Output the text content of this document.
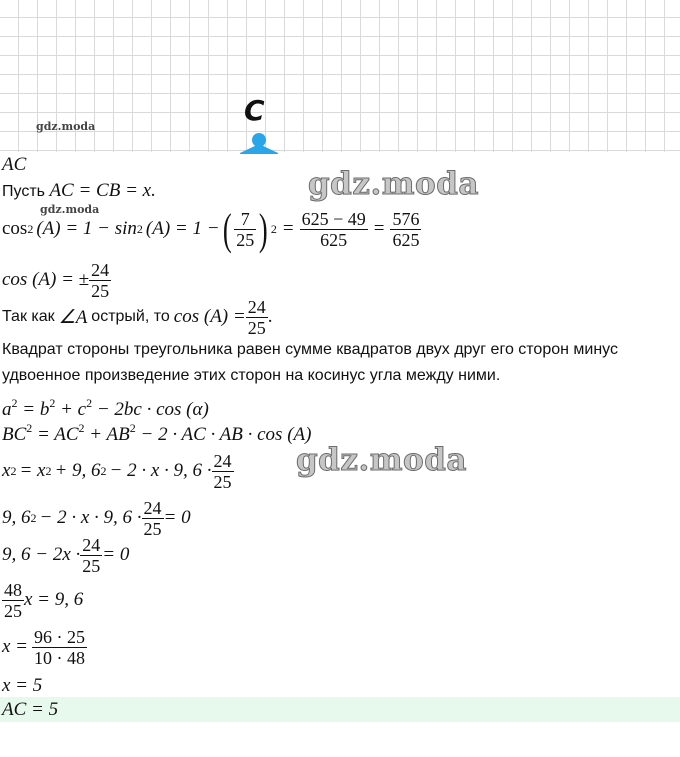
gdz.moda	C
gdz.moda
gdz.moda
AC
Пусть AC = CB = x.
gdz.moda
cos 2 (A) = 1 − sin 2 (A) = 1 − ( $\frac{7}{25}$ ) $2 = \frac{625 - 49}{625} = \frac{576}{625}$
cos (A) = ± $\frac{24}{25}$
Так как ∠A острый, то $\cos (A) = \frac{24}{25}$ .
Квадрат стороны треугольника равен сумме квадратов двух друг его сторон минус
удвоенное произведение этих сторон на косинус угла между ними.
$a^2 = b^2 + c^2 - 2bc \cdot \cos (\alpha)$
$BC^2 = AC^2 + AB^2 - 2$ · AC · AB · cos (A)
x 2 = x 2 + 9, 6 2 − 2 · x · 9, $6 \cdot \frac{24}{25}$
9, 6 2 − 2 · x · 9, $6 \cdot \frac{24}{25} = 0$
9, $6 - 2x \cdot \frac{24}{25} = 0$
$\frac{48}{25}$ x = 9, 6
$x = \frac{96 \cdot 25}{10 \cdot 48}$
x = 5
AC = 5
